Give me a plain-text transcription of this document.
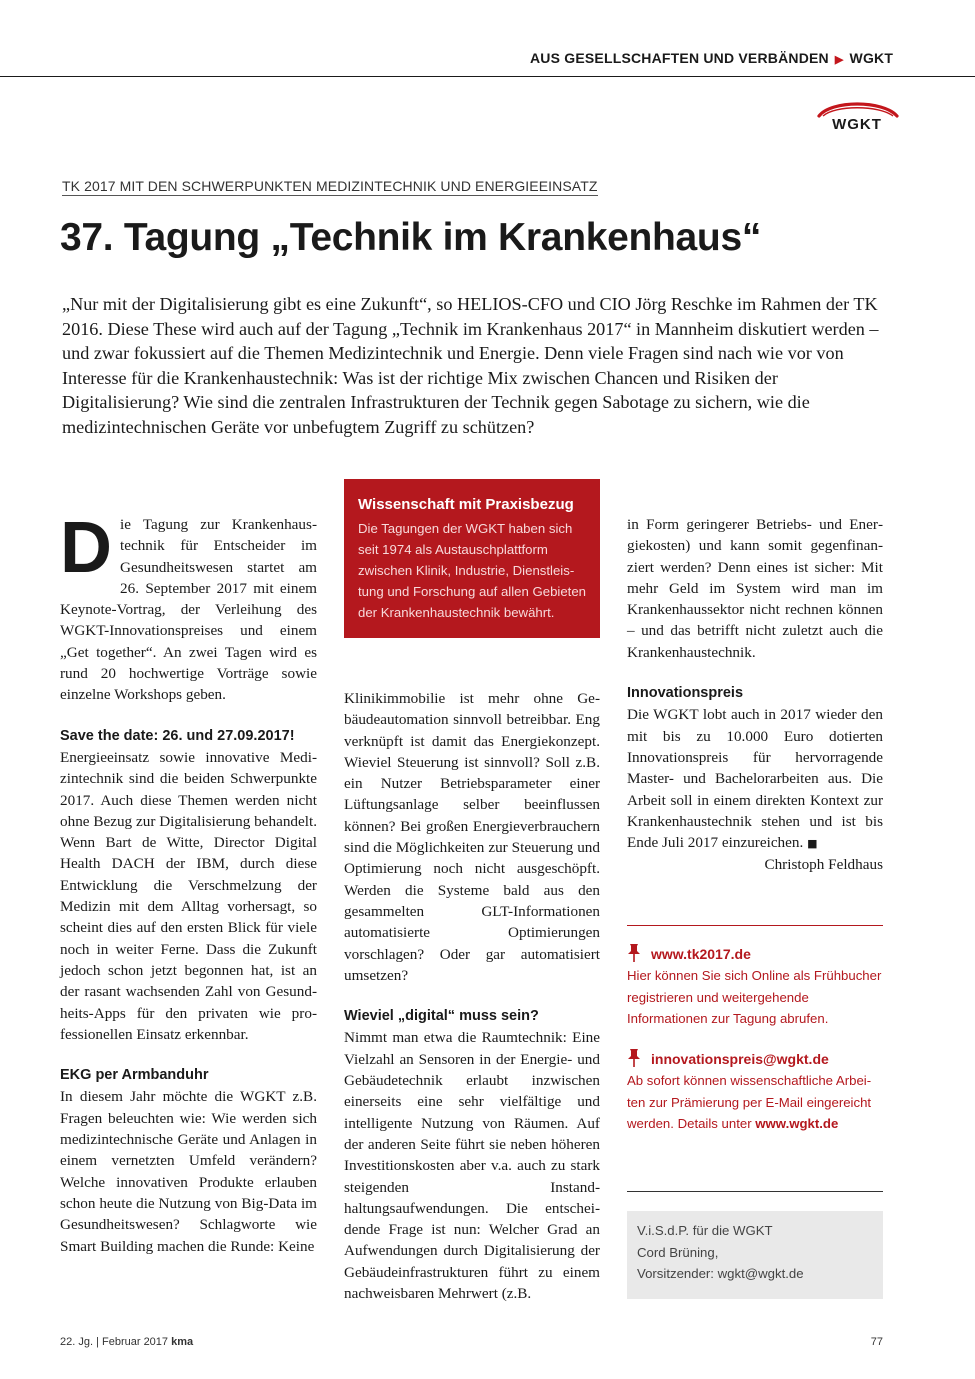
AUS GESELLSCHAFTEN UND VERBÄNDEN ▶ WGKT
WGKT
TK 2017 MIT DEN SCHWERPUNKTEN MEDIZINTECHNIK UND ENERGIEEINSATZ
37. Tagung „Technik im Krankenhaus“

„Nur mit der Digitalisierung gibt es eine Zukunft“, so HELIOS-CFO und CIO Jörg Reschke im Rahmen der TK 2016. Diese These wird auch auf der Tagung „Technik im Krankenhaus 2017“ in Mannheim diskutiert werden – und zwar fokussiert auf die Themen Medizintechnik und Energie. Denn viele Fragen sind nach wie vor von Interesse für die Krankenhaustechnik: Was ist der richtige Mix zwischen Chancen und Risiken der Digitalisierung? Wie sind die zentralen Infrastrukturen der Technik gegen Sabotage zu sichern, wie die medizintechnischen Geräte vor unbefugtem Zugriff zu schützen?

Die Tagung zur Krankenhaustechnik für Entscheider im Gesundheitswesen startet am 26. September 2017 mit einem Keynote-Vortrag, der Verleihung des WGKT-Innovationspreises und einem „Get together“. An zwei Tagen wird es rund 20 hochwertige Vorträge sowie einzelne Workshops geben.

Save the date: 26. und 27.09.2017!

Energieeinsatz sowie innovative Medizintechnik sind die beiden Schwerpunkte 2017. Auch diese Themen werden nicht ohne Bezug zur Digitalisierung behandelt. Wenn Bart de Witte, Director Digital Health DACH der IBM, durch diese Entwicklung die Verschmelzung der Medizin mit dem Alltag vorhersagt, so scheint dies auf den ersten Blick für viele noch in weiter Ferne. Dass die Zukunft jedoch schon jetzt begonnen hat, ist an der rasant wachsenden Zahl von Gesundheits-Apps für den privaten wie professionellen Einsatz erkennbar.

EKG per Armbanduhr

In diesem Jahr möchte die WGKT z.B. Fragen beleuchten wie: Wie werden sich medizintechnische Geräte und Anlagen in einem vernetzten Umfeld verändern? Welche innovativen Produkte erlauben schon heute die Nutzung von Big-Data im Gesundheitswesen? Schlagworte wie Smart Building machen die Runde: Keine

Wissenschaft mit Praxisbezug

Die Tagungen der WGKT haben sich seit 1974 als Austauschplattform zwischen Klinik, Industrie, Dienstleistung und Forschung auf allen Gebieten der Krankenhaustechnik bewährt.

Klinikimmobilie ist mehr ohne Gebäudeautomation sinnvoll betreibbar. Eng verknüpft ist damit das Energiekonzept. Wieviel Steuerung ist sinnvoll? Soll z.B. ein Nutzer Betriebsparameter einer Lüftungsanlage selber beeinflussen können? Bei großen Energieverbrauchern sind die Möglichkeiten zur Steuerung und Optimierung noch nicht ausgeschöpft. Werden die Systeme bald aus den gesammelten GLT-Informationen automatisierte Optimierungen vorschlagen? Oder gar automatisiert umsetzen?

Wieviel „digital“ muss sein?

Nimmt man etwa die Raumtechnik: Eine Vielzahl an Sensoren in der Energie- und Gebäudetechnik erlaubt inzwischen einerseits eine sehr vielfältige und intelligente Nutzung von Räumen. Auf der anderen Seite führt sie neben höheren Investitionskosten aber v.a. auch zu stark steigenden Instandhaltungsaufwendungen. Die entscheidende Frage ist nun: Welcher Grad an Aufwendungen durch Digitalisierung der Gebäudeinfrastrukturen führt zu einem nachweisbaren Mehrwert (z.B.

in Form geringerer Betriebs- und Energiekosten) und kann somit gegenfinanziert werden? Denn eines ist sicher: Mit mehr Geld im System wird man im Krankenhaussektor nicht rechnen können – und das betrifft nicht zuletzt auch die Krankenhaustechnik.

Innovationspreis

Die WGKT lobt auch in 2017 wieder den mit bis zu 10.000 Euro dotierten Innovationspreis für hervorragende Master- und Bachelorarbeiten aus. Die Arbeit soll in einem direkten Kontext zur Krankenhaustechnik stehen und ist bis Ende Juli 2017 einzureichen. ■

Christoph Feldhaus

www.tk2017.de
Hier können Sie sich Online als Frühbucher registrieren und weitergehende Informationen zur Tagung abrufen.
innovationspreis@wgkt.de
Ab sofort können wissenschaftliche Arbeiten zur Prämierung per E-Mail eingereicht werden. Details unter www.wgkt.de
V.i.S.d.P. für die WGKT
Cord Brüning,
Vorsitzender: wgkt@wgkt.de
22. Jg. | Februar 2017 kma	77
